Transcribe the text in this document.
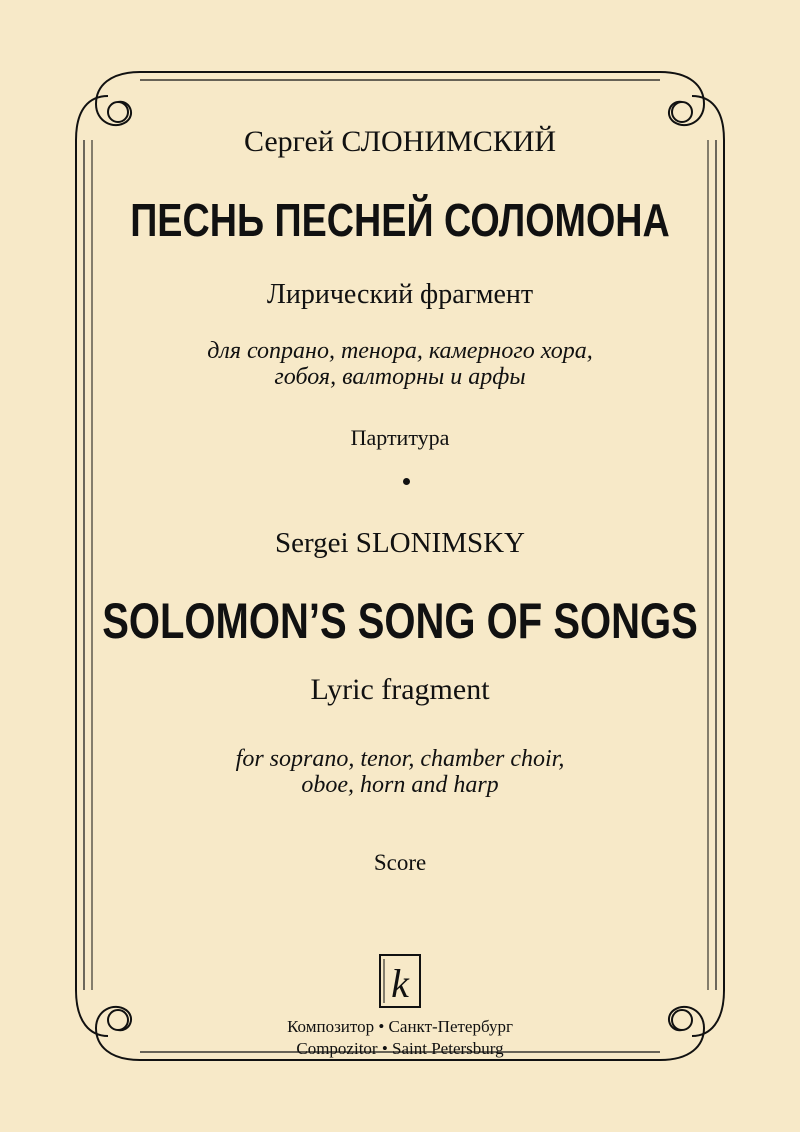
Сергей СЛОНИМСКИЙ
ПЕСНЬ ПЕСНЕЙ СОЛОМОНА
Лирический фрагмент
для сопрано, тенора, камерного хора,
гобоя, валторны и арфы
Партитура
Sergei SLONIMSKY
SOLOMON’S SONG OF SONGS
Lyric fragment
for soprano, tenor, chamber choir,
oboe, horn and harp
Score
k
Композитор • Санкт-Петербург
Compozitor • Saint Petersburg
